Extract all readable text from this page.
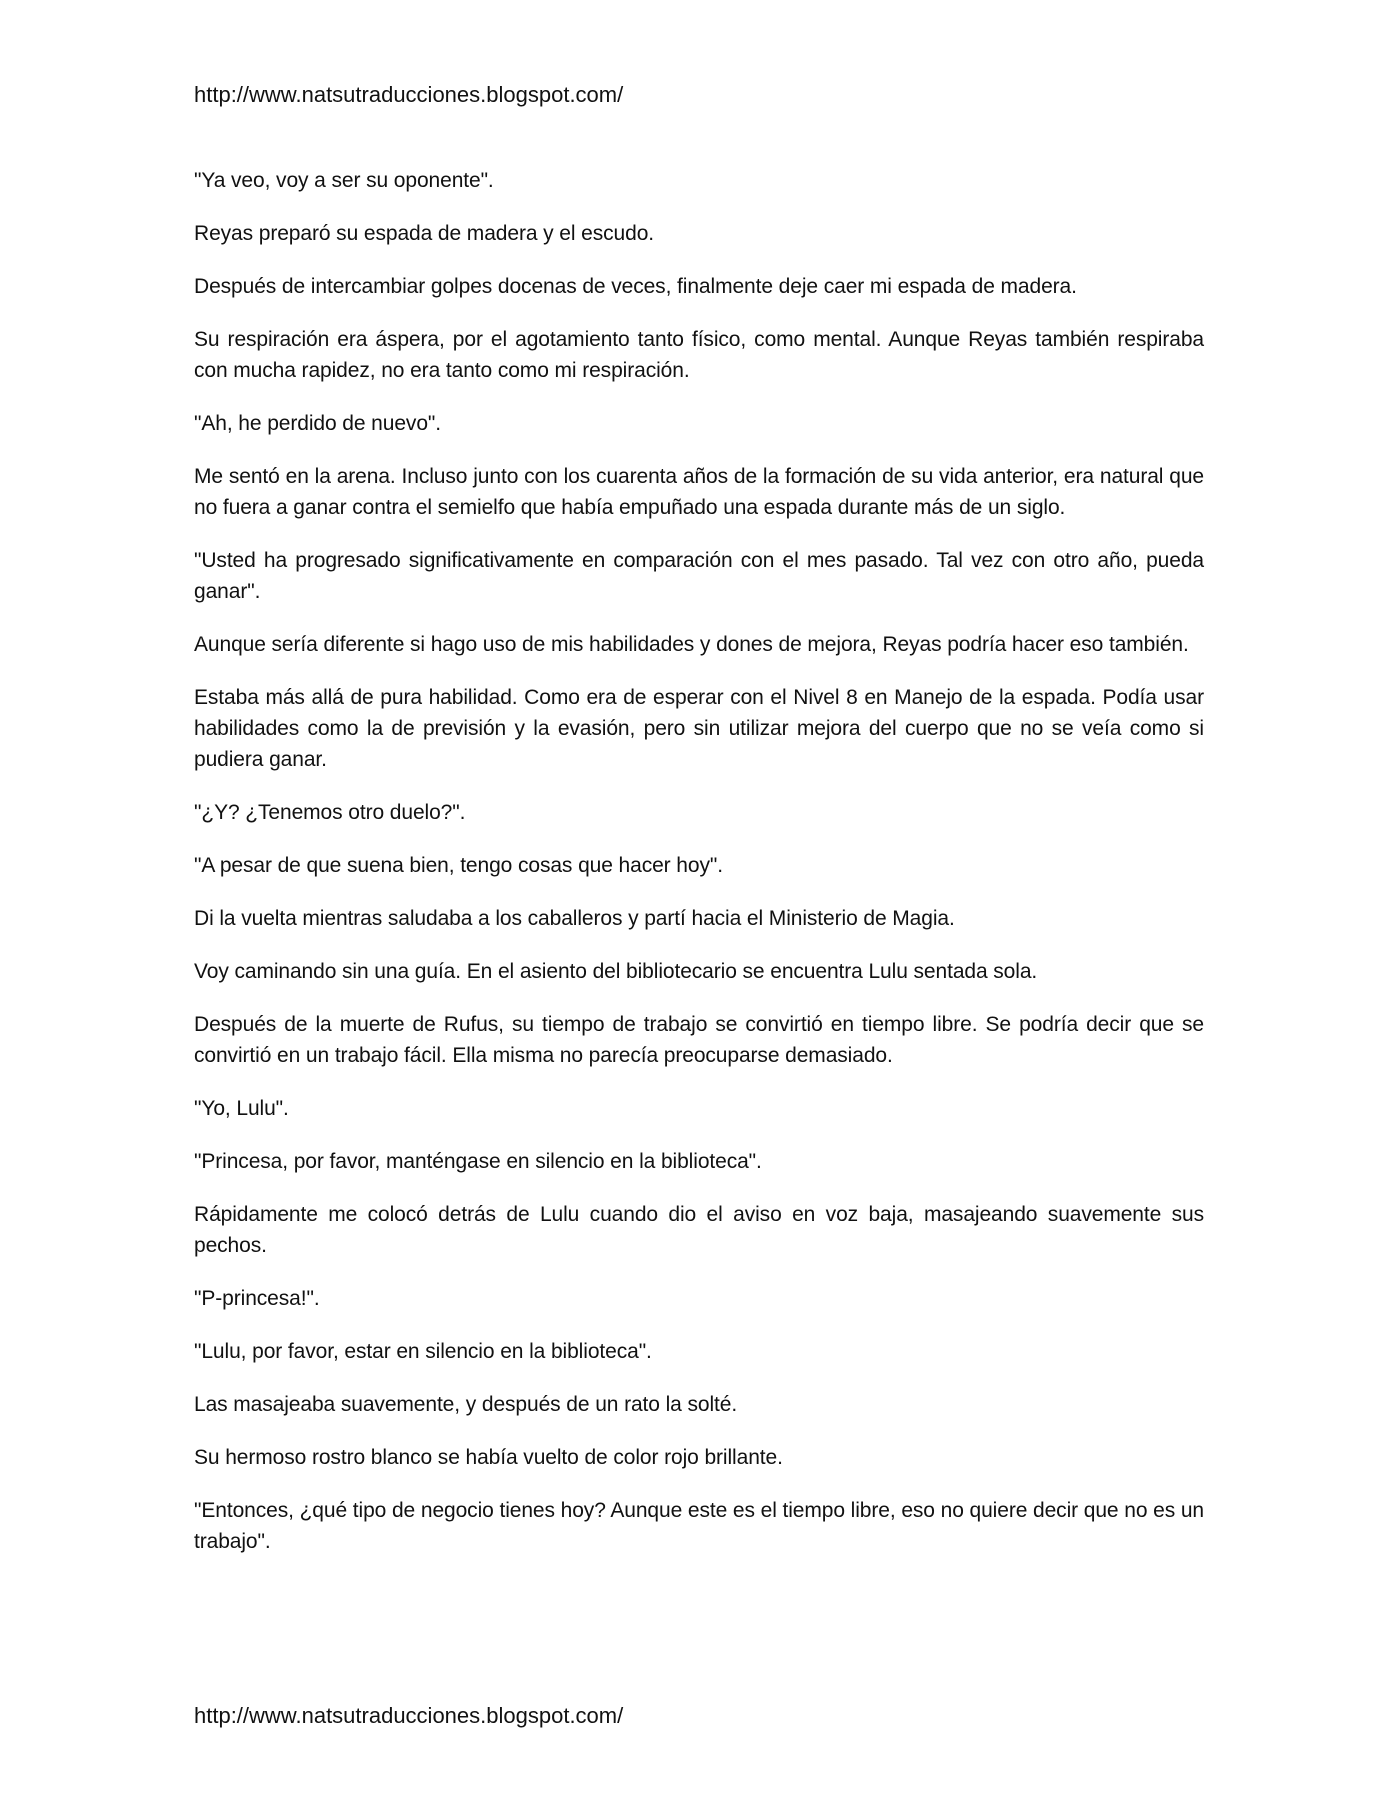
http://www.natsutraducciones.blogspot.com/

"Ya veo, voy a ser su oponente".

Reyas preparó su espada de madera y el escudo.

Después de intercambiar golpes docenas de veces, finalmente deje caer mi espada de madera.

Su respiración era áspera, por el agotamiento tanto físico, como mental. Aunque Reyas también respiraba con mucha rapidez, no era tanto como mi respiración.

"Ah, he perdido de nuevo".

Me sentó en la arena. Incluso junto con los cuarenta años de la formación de su vida anterior, era natural que no fuera a ganar contra el semielfo que había empuñado una espada durante más de un siglo.

"Usted ha progresado significativamente en comparación con el mes pasado. Tal vez con otro año, pueda ganar".

Aunque sería diferente si hago uso de mis habilidades y dones de mejora, Reyas podría hacer eso también.

Estaba más allá de pura habilidad. Como era de esperar con el Nivel 8 en Manejo de la espada. Podía usar habilidades como la de previsión y la evasión, pero sin utilizar mejora del cuerpo que no se veía como si pudiera ganar.

"¿Y? ¿Tenemos otro duelo?".

"A pesar de que suena bien, tengo cosas que hacer hoy".

Di la vuelta mientras saludaba a los caballeros y partí hacia el Ministerio de Magia.

Voy caminando sin una guía. En el asiento del bibliotecario se encuentra Lulu sentada sola.

Después de la muerte de Rufus, su tiempo de trabajo se convirtió en tiempo libre. Se podría decir que se convirtió en un trabajo fácil. Ella misma no parecía preocuparse demasiado.

"Yo, Lulu".

"Princesa, por favor, manténgase en silencio en la biblioteca".

Rápidamente me colocó detrás de Lulu cuando dio el aviso en voz baja, masajeando suavemente sus pechos.

"P-princesa!".

"Lulu, por favor, estar en silencio en la biblioteca".

Las masajeaba suavemente, y después de un rato la solté.

Su hermoso rostro blanco se había vuelto de color rojo brillante.

"Entonces, ¿qué tipo de negocio tienes hoy? Aunque este es el tiempo libre, eso no quiere decir que no es un trabajo".

http://www.natsutraducciones.blogspot.com/
